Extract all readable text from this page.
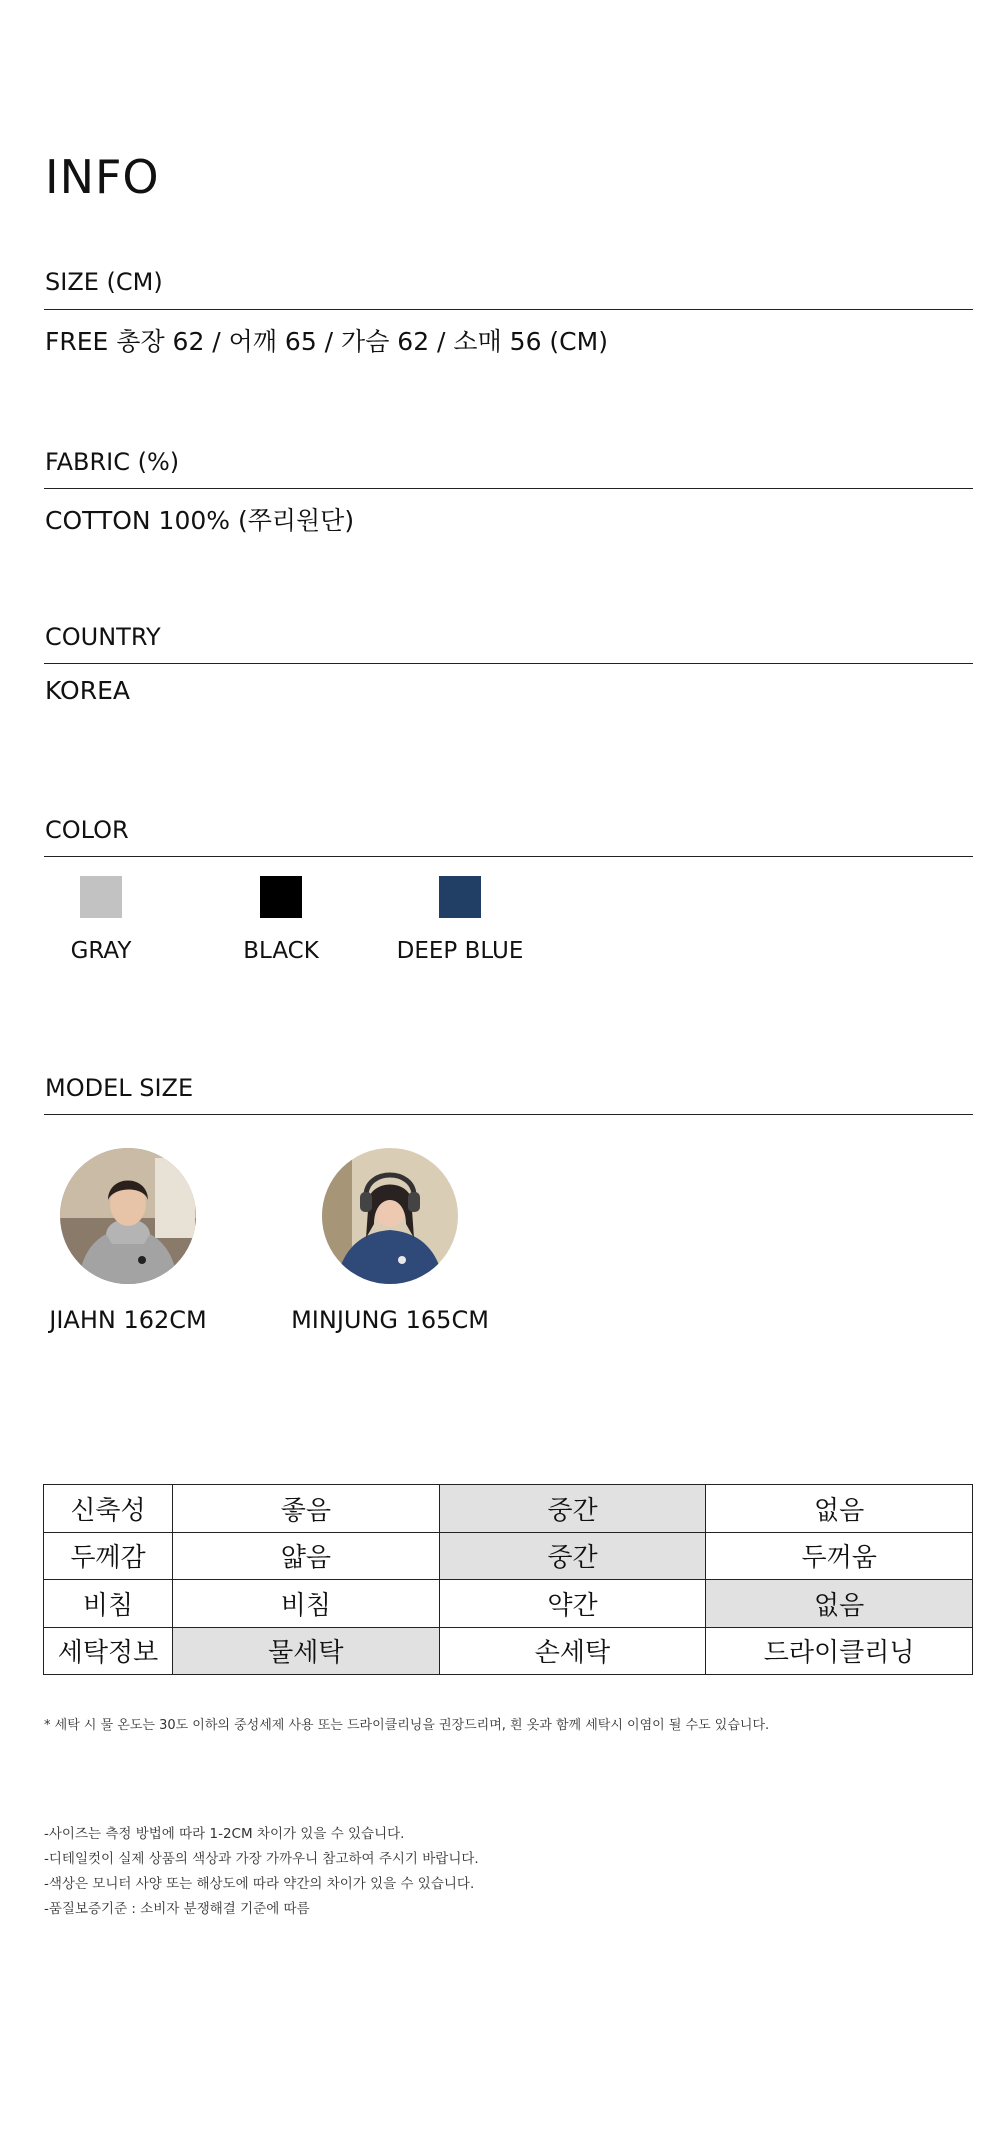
INFO
SIZE (CM)
FREE 총장 62 / 어깨 65 / 가슴 62 / 소매 56 (CM)
FABRIC (%)
COTTON 100% (쭈리원단)
COUNTRY
KOREA
COLOR
GRAY	BLACK	DEEP BLUE
MODEL SIZE
JIAHN 162CM	MINJUNG 165CM
신축성	좋음	중간	없음
두께감	얇음	중간	두꺼움
비침	비침	약간	없음
세탁정보	물세탁	손세탁	드라이클리닝
* 세탁 시 물 온도는 30도 이하의 중성세제 사용 또는 드라이클리닝을 권장드리며, 흰 옷과 함께 세탁시 이염이 될 수도 있습니다.
-사이즈는 측정 방법에 따라 1-2CM 차이가 있을 수 있습니다.
-디테일컷이 실제 상품의 색상과 가장 가까우니 참고하여 주시기 바랍니다.
-색상은 모니터 사양 또는 해상도에 따라 약간의 차이가 있을 수 있습니다.
-품질보증기준 : 소비자 분쟁해결 기준에 따름
